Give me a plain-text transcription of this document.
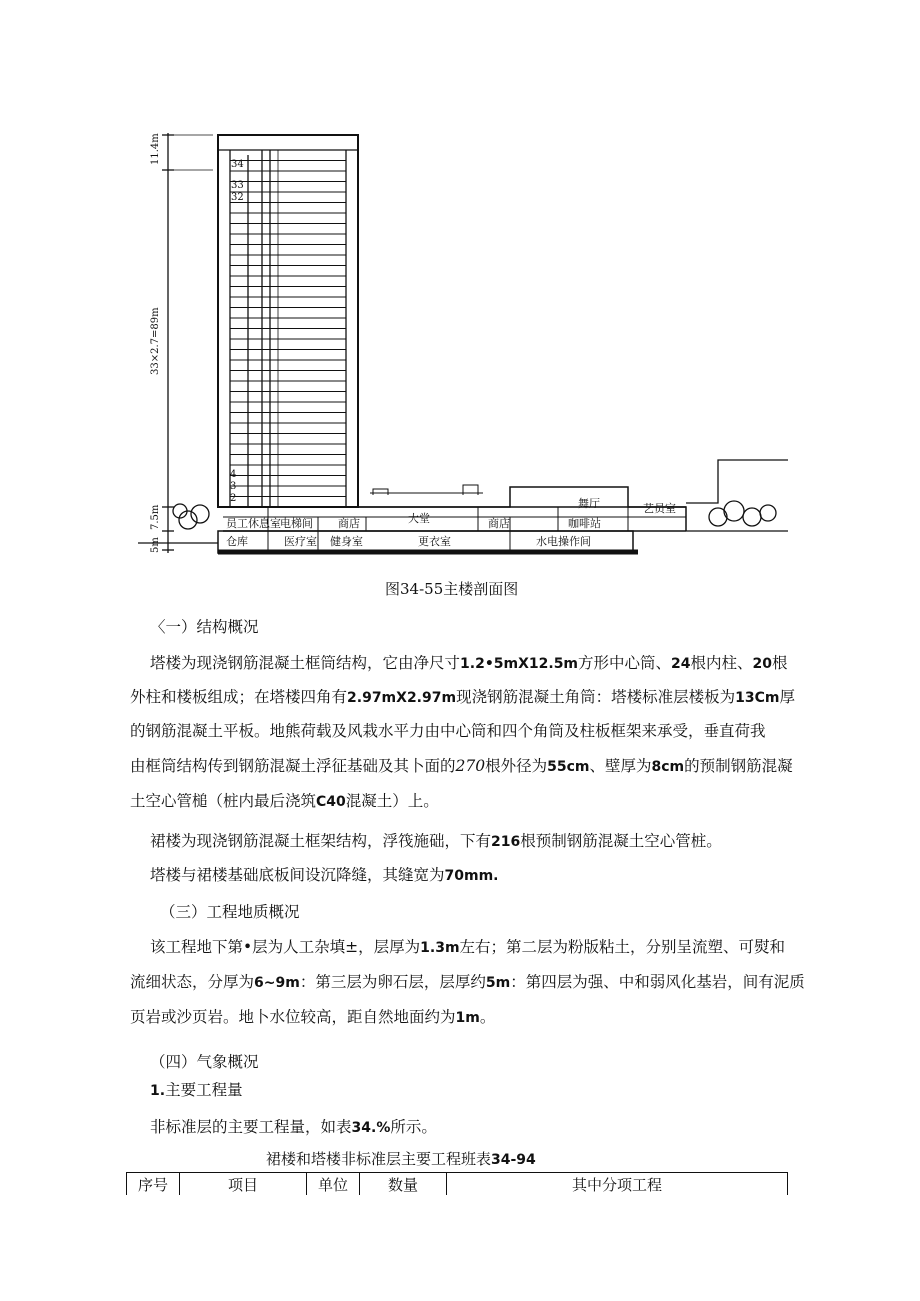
11.4m
33×2.7=89m
7.5m
5m
34
33
32
4
3
2
员工休息室 电梯间 商店	大堂	商店	咖啡站
舞厅	艺员室
仓库	医疗室 健身室	更衣室	水电操作间
图34-55主楼剖面图
〈一）结构概况
塔楼为现浇钢筋混凝土框筒结构，它由净尺寸1.2•5mX12.5m方形中心筒、24根内柱、20根
外柱和楼板组成；在塔楼四角有2.97mX2.97m现浇钢筋混凝土角筒：塔楼标准层楼板为13Cm厚
的钢筋混凝土平板。地熊荷载及风栽水平力由中心筒和四个角筒及柱板框架来承受，垂直荷我
由框筒结构传到钢筋混凝土浮征基础及其卜面的270根外径为55cm、壁厚为8cm的预制钢筋混凝
土空心管槌（桩内最后浇筑C40混凝土）上。
裙楼为现浇钢筋混凝土框架结构，浮筏施础，下有216根预制钢筋混凝土空心管桩。
塔楼与裙楼基础底板间设沉降缝，其缝宽为70mm.
（三）工程地质概况
该工程地下第•层为人工杂填±，层厚为1.3m左右；第二层为粉版粘土，分别呈流塑、可熨和
流细状态，分厚为6~9m：第三层为卵石层，层厚约5m：第四层为强、中和弱风化基岩，间有泥质
页岩或沙页岩。地卜水位较高，距自然地面约为1m。
（四）气象概况
1.主要工程量
非标准层的主要工程量，如表34.%所示。
裙楼和塔楼非标准层主要工程班表34-94
序号	项目	单位	数量	其中分项工程
